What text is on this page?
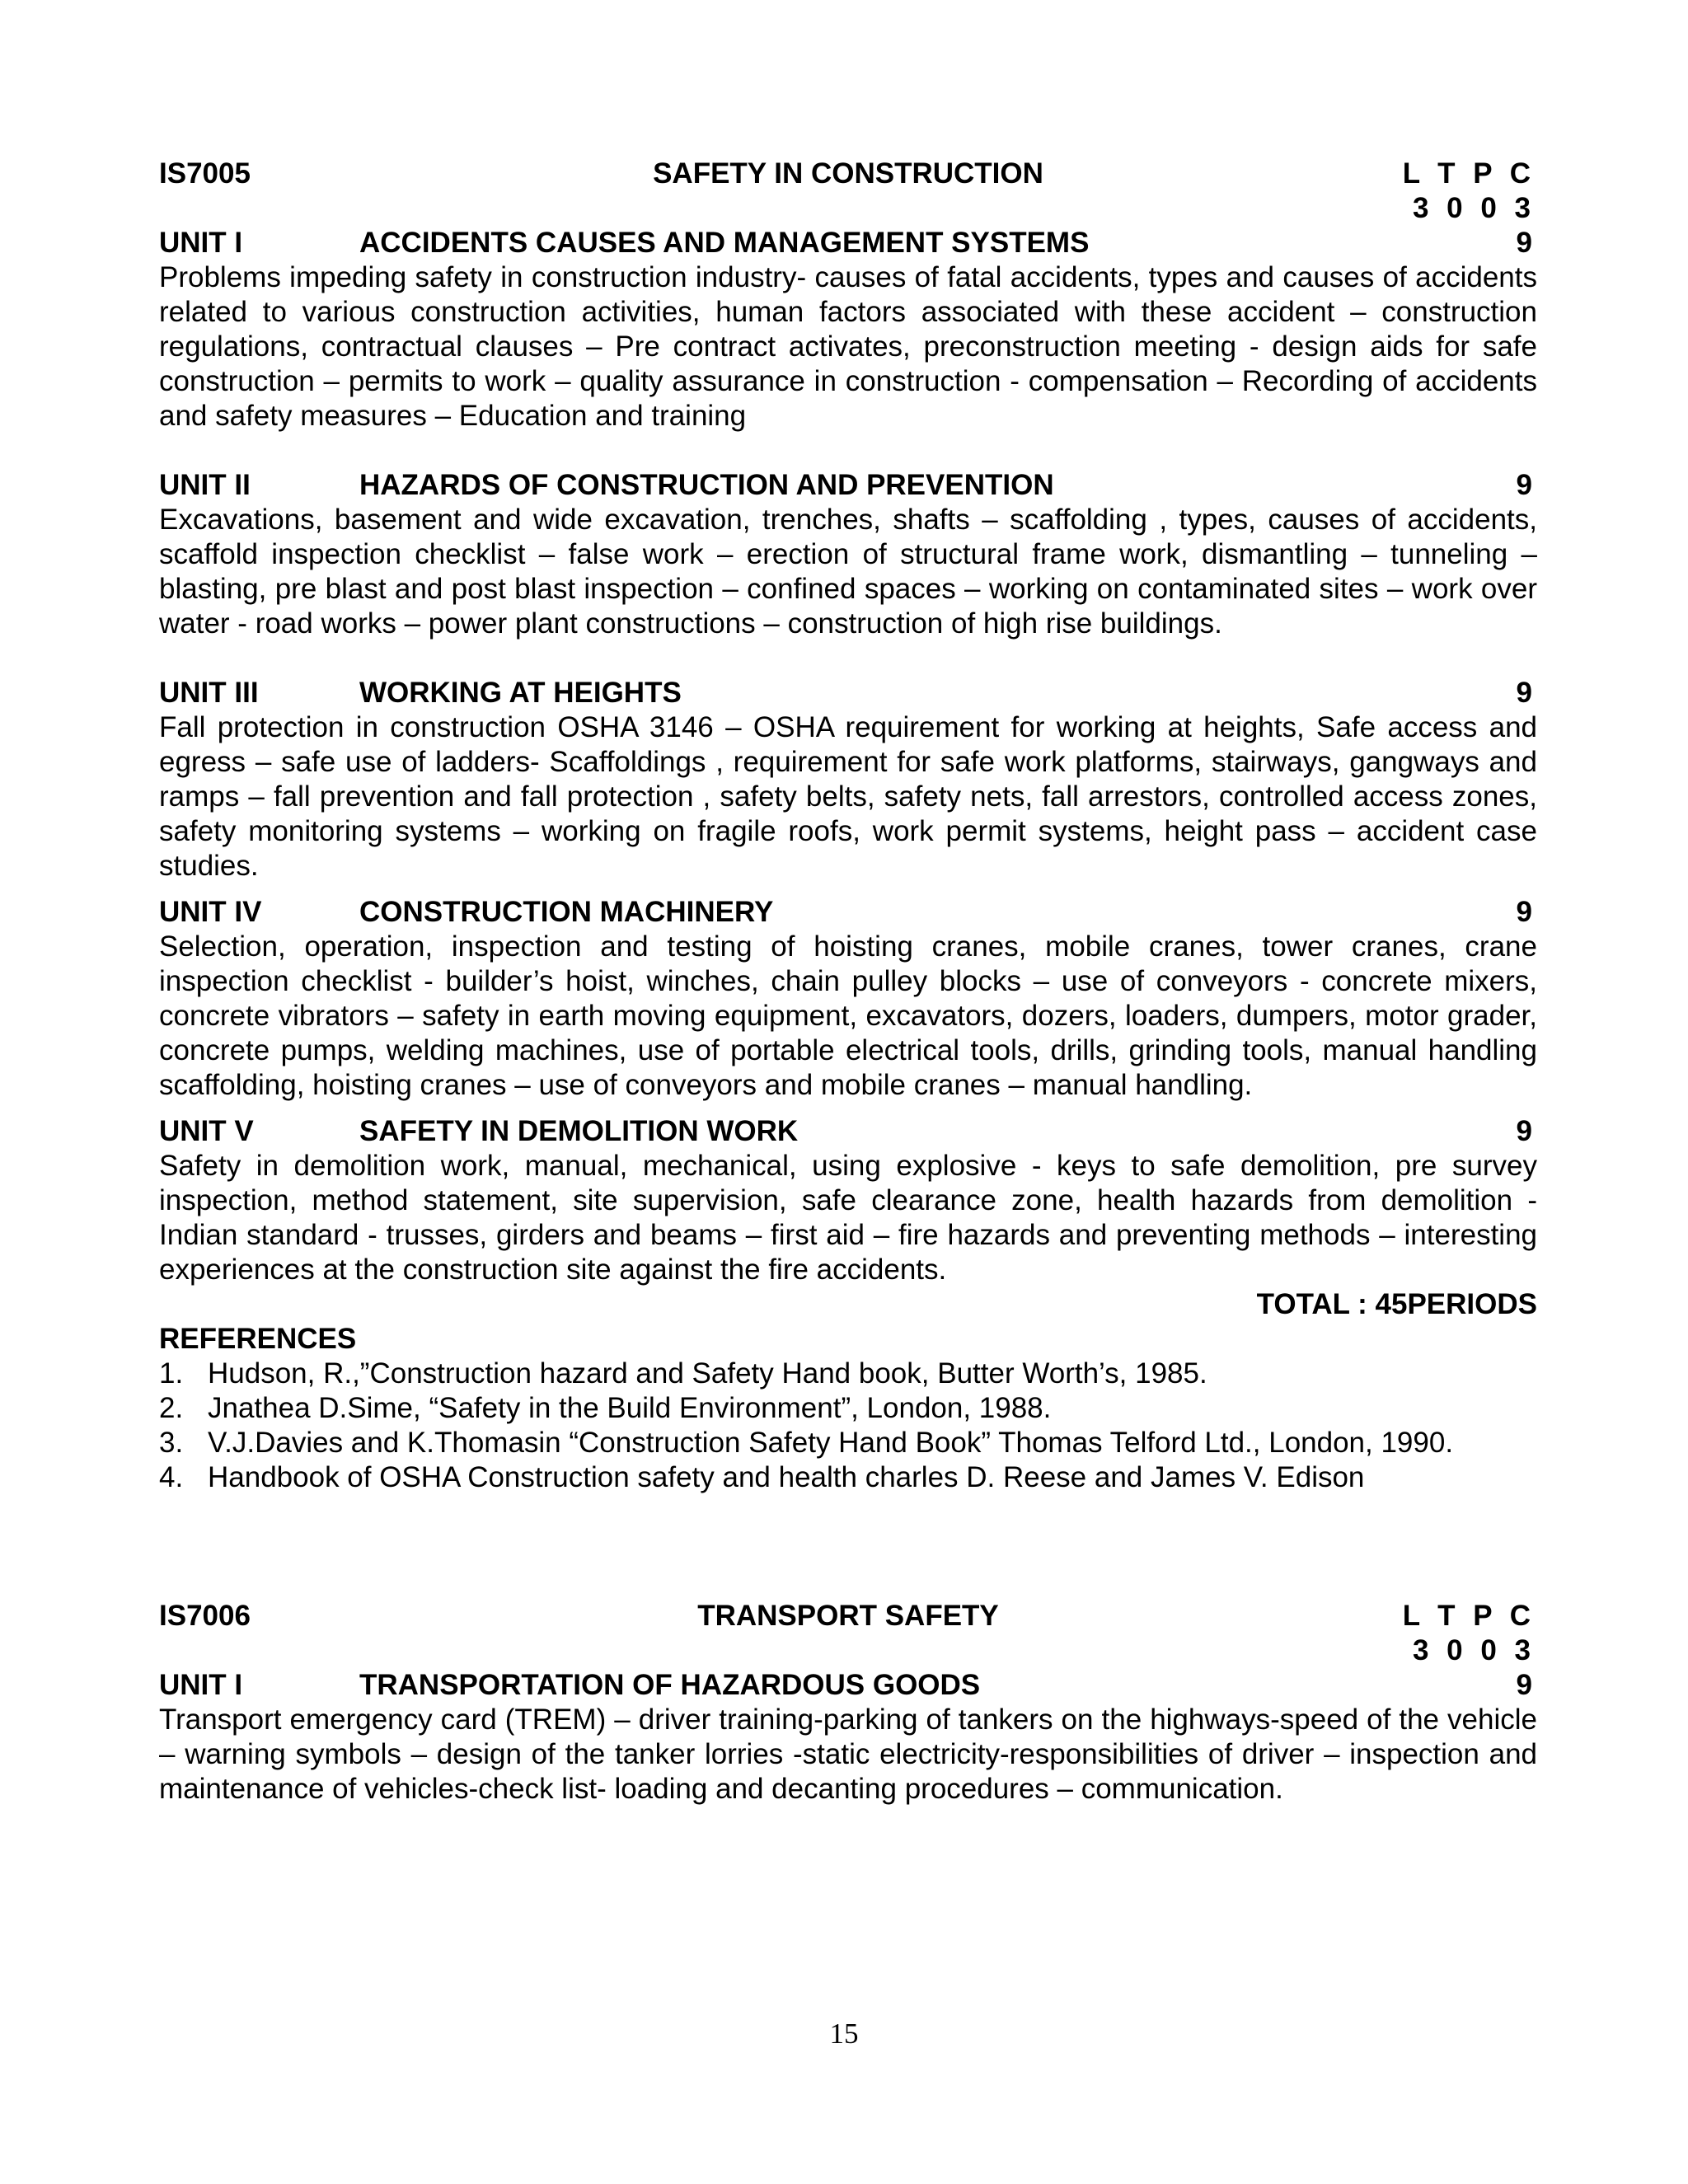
IS7005	SAFETY IN CONSTRUCTION	L T P C
3 0 0 3
UNIT I	ACCIDENTS CAUSES AND MANAGEMENT SYSTEMS	9

Problems impeding safety in construction industry- causes of fatal accidents, types and causes of accidents related to various construction activities, human factors associated with these accident – construction regulations, contractual clauses – Pre contract activates, preconstruction meeting - design aids for safe construction – permits to work – quality assurance in construction - compensation – Recording of accidents and safety measures – Education and training

UNIT II	HAZARDS OF CONSTRUCTION AND PREVENTION	9

Excavations, basement and wide excavation, trenches, shafts – scaffolding , types, causes of accidents, scaffold inspection checklist – false work – erection of structural frame work, dismantling – tunneling – blasting, pre blast and post blast inspection – confined spaces – working on contaminated sites – work over water - road works – power plant constructions – construction of high rise buildings.

UNIT III	WORKING AT HEIGHTS	9

Fall protection in construction OSHA 3146 – OSHA requirement for working at heights, Safe access and egress – safe use of ladders- Scaffoldings , requirement for safe work platforms, stairways, gangways and ramps – fall prevention and fall protection , safety belts, safety nets, fall arrestors, controlled access zones, safety monitoring systems – working on fragile roofs, work permit systems, height pass – accident case studies.

UNIT IV	CONSTRUCTION MACHINERY	9

Selection, operation, inspection and testing of hoisting cranes, mobile cranes, tower cranes, crane inspection checklist - builder’s hoist, winches, chain pulley blocks – use of conveyors - concrete mixers, concrete vibrators – safety in earth moving equipment, excavators, dozers, loaders, dumpers, motor grader, concrete pumps, welding machines, use of portable electrical tools, drills, grinding tools, manual handling scaffolding, hoisting cranes – use of conveyors and mobile cranes – manual handling.

UNIT V	SAFETY IN DEMOLITION WORK	9

Safety in demolition work, manual, mechanical, using explosive - keys to safe demolition, pre survey inspection, method statement, site supervision, safe clearance zone, health hazards from demolition - Indian standard - trusses, girders and beams – first aid – fire hazards and preventing methods – interesting experiences at the construction site against the fire accidents.

TOTAL : 45PERIODS
REFERENCES
1. Hudson, R.,”Construction hazard and Safety Hand book, Butter Worth’s, 1985.
2. Jnathea D.Sime, “Safety in the Build Environment”, London, 1988.
3. V.J.Davies and K.Thomasin “Construction Safety Hand Book” Thomas Telford Ltd., London, 1990.
4. Handbook of OSHA Construction safety and health charles D. Reese and James V. Edison
IS7006	TRANSPORT SAFETY	L T P C
3 0 0 3
UNIT I	TRANSPORTATION OF HAZARDOUS GOODS	9

Transport emergency card (TREM) – driver training-parking of tankers on the highways-speed of the vehicle – warning symbols – design of the tanker lorries -static electricity-responsibilities of driver – inspection and maintenance of vehicles-check list- loading and decanting procedures – communication.

15
